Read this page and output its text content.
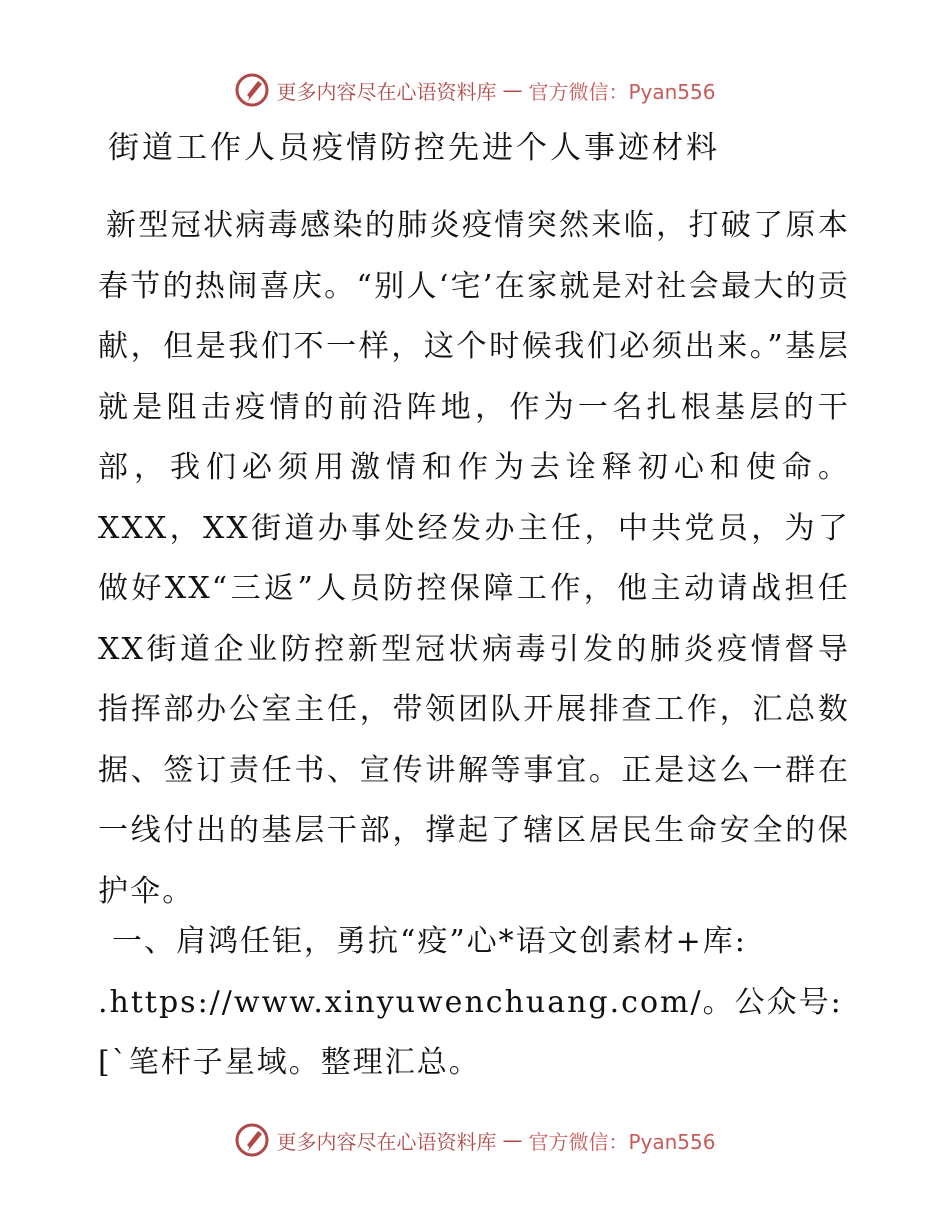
更多内容尽在心语资料库 — 官方微信：Pyan556
街道工作人员疫情防控先进个人事迹材料

新型冠状病毒感染的肺炎疫情突然来临，打破了原本春节的热闹喜庆。“别人‘宅’在家就是对社会最大的贡献，但是我们不一样，这个时候我们必须出来。”基层就是阻击疫情的前沿阵地，作为一名扎根基层的干部，我们必须用激情和作为去诠释初心和使命。XXX，XX街道办事处经发办主任，中共党员，为了做好XX“三返”人员防控保障工作，他主动请战担任XX街道企业防控新型冠状病毒引发的肺炎疫情督导指挥部办公室主任，带领团队开展排查工作，汇总数据、签订责任书、宣传讲解等事宜。正是这么一群在一线付出的基层干部，撑起了辖区居民生命安全的保护伞。

一、肩鸿任钜，勇抗“疫”心*语文创素材+库: .https://www.xinyuwenchuang.com/。公众号: [`笔杆子星域。整理汇总。

更多内容尽在心语资料库 — 官方微信：Pyan556
